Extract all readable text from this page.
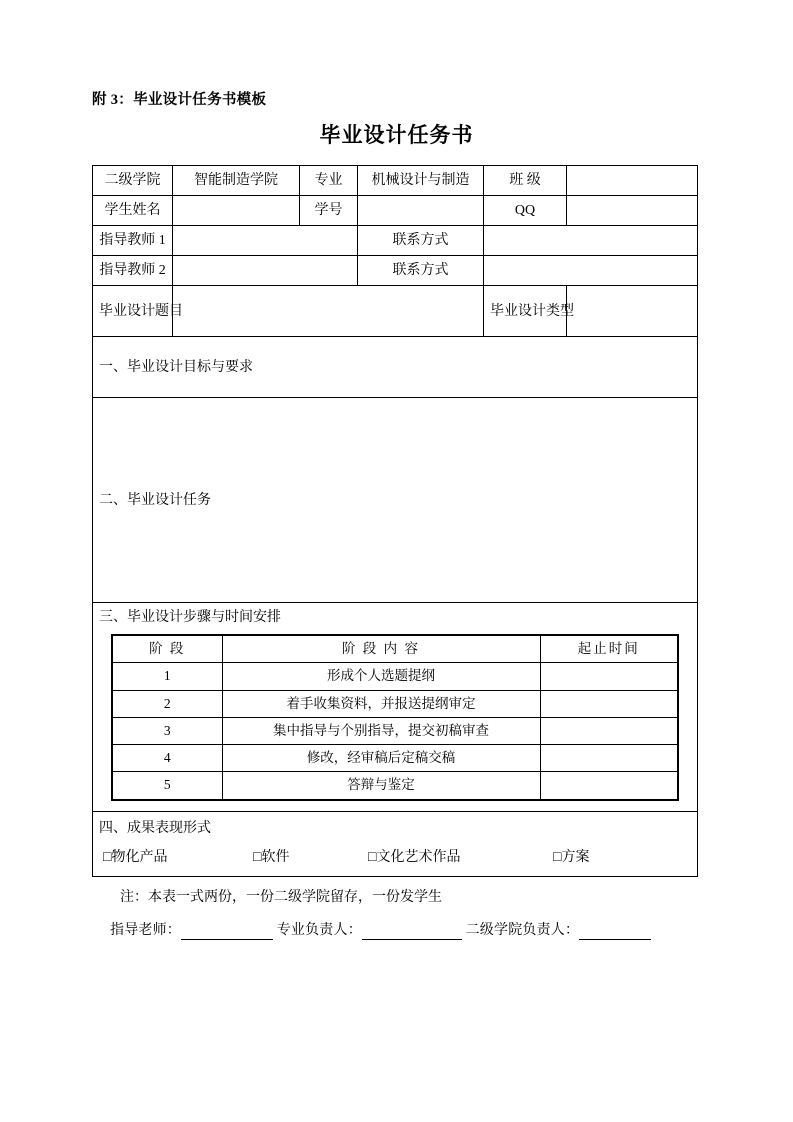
附 3：毕业设计任务书模板
毕业设计任务书
二级学院	智能制造学院	专业	机械设计与制造	班 级	
学生姓名		学号		QQ	
指导教师 1		联系方式	
指导教师 2		联系方式	
毕业设计题目		毕业设计类型	
一、毕业设计目标与要求
二、毕业设计任务

三、毕业设计步骤与时间安排
阶 段	阶 段 内 容	起止时间
1	形成个人选题提纲	
2	着手收集资料，并报送提纲审定	
3	集中指导与个别指导，提交初稿审查	
4	修改，经审稿后定稿交稿	
5	答辩与鉴定	

四、成果表现形式
□物化产品	□软件	□文化艺术作品	□方案
注：本表一式两份，一份二级学院留存，一份发学生
指导老师：	专业负责人：	二级学院负责人：
